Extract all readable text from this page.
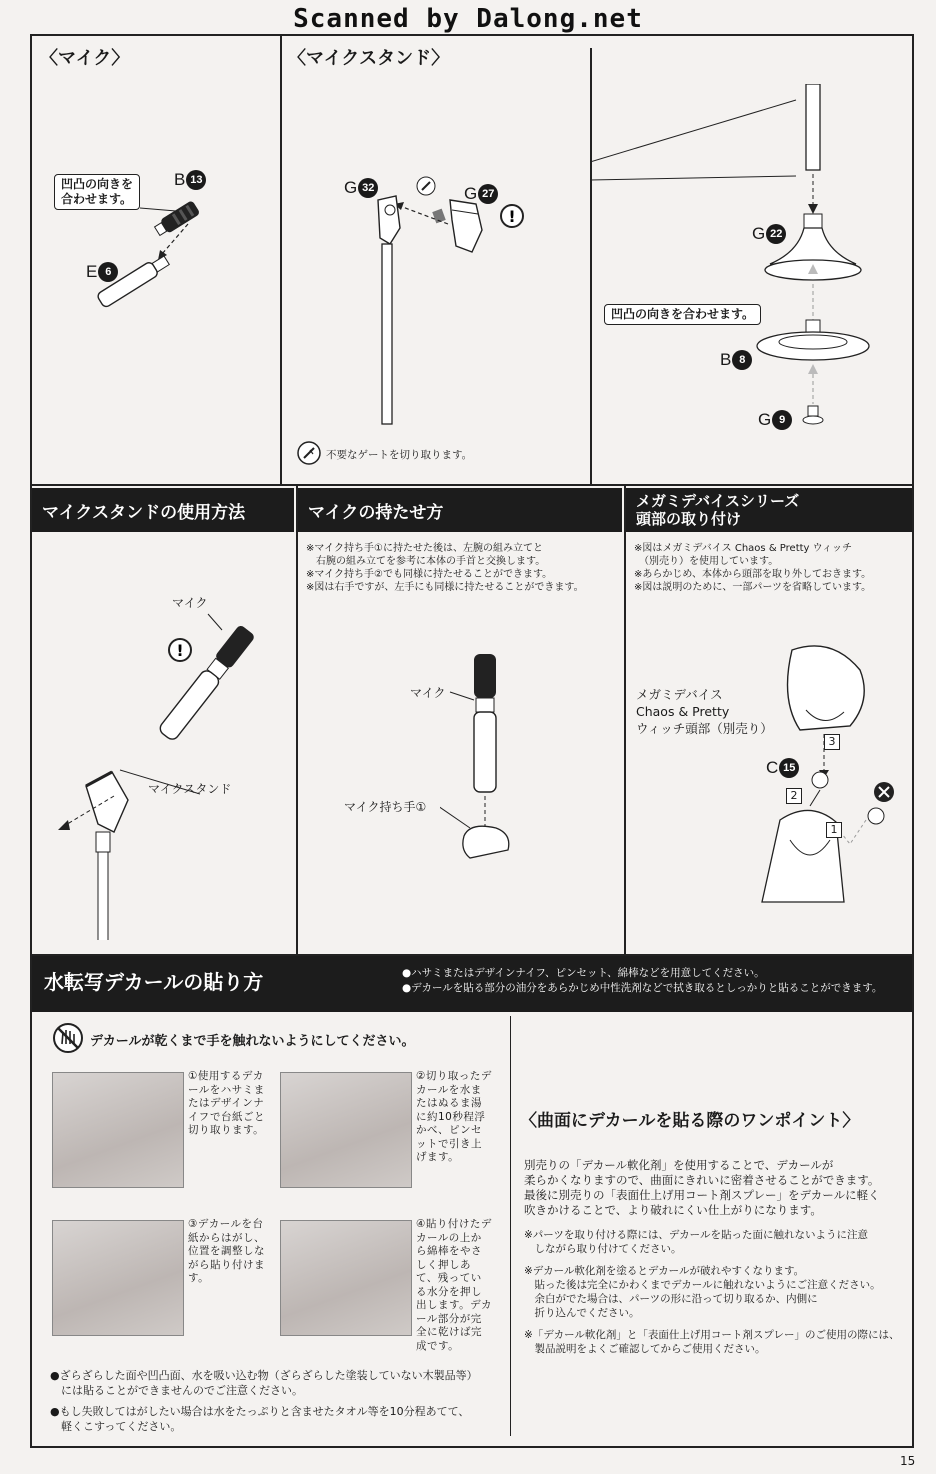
Scanned by Dalong.net
〈マイク〉
凹凸の向きを
合わせます。
B 13
E 6
〈マイクスタンド〉
G 32	G 27
!
不要なゲートを切り取ります。
G 22
凹凸の向きを合わせます。
B 8
G 9
マイクスタンドの使用方法	マイクの持たせ方
メガミデバイスシリーズ
頭部の取り付け
マイク
マイクスタンド
!
※マイク持ち手①に持たせた後は、左腕の組み立てと
　右腕の組み立てを参考に本体の手首と交換します。
※マイク持ち手②でも同様に持たせることができます。
※図は右手ですが、左手にも同様に持たせることができます。
マイク
マイク持ち手①
※図はメガミデバイス Chaos & Pretty ウィッチ
　（別売り）を使用しています。
※あらかじめ、本体から頭部を取り外しておきます。
※図は説明のために、一部パーツを省略しています。
メガミデバイス
Chaos & Pretty
ウィッチ頭部（別売り）
C 15
3
2
1
水転写デカールの貼り方	●ハサミまたはデザインナイフ、ピンセット、綿棒などを用意してください。
●デカールを貼る部分の油分をあらかじめ中性洗剤などで拭き取るとしっかりと貼ることができます。
デカールが乾くまで手を触れないようにしてください。
①使用するデカールをハサミまたはデザインナイフで台紙ごと切り取ります。
②切り取ったデカールを水またはぬるま湯に約10秒程浮かべ、ピンセットで引き上げます。
③デカールを台紙からはがし、位置を調整しながら貼り付けます。
④貼り付けたデカールの上から綿棒をやさしく押しあて、残っている水分を押し出します。デカール部分が完全に乾けば完成です。
●ざらざらした面や凹凸面、水を吸い込む物（ざらざらした塗装していない木製品等）
　には貼ることができませんのでご注意ください。
●もし失敗してはがしたい場合は水をたっぷりと含ませたタオル等を10分程あてて、
　軽くこすってください。
〈曲面にデカールを貼る際のワンポイント〉
別売りの「デカール軟化剤」を使用することで、デカールが
柔らかくなりますので、曲面にきれいに密着させることができます。
最後に別売りの「表面仕上げ用コート剤スプレー」をデカールに軽く
吹きかけることで、より破れにくい仕上がりになります。
※パーツを取り付ける際には、デカールを貼った面に触れないように注意
　しながら取り付けてください。
※デカール軟化剤を塗るとデカールが破れやすくなります。
　貼った後は完全にかわくまでデカールに触れないようにご注意ください。
　余白がでた場合は、パーツの形に沿って切り取るか、内側に
　折り込んでください。
※「デカール軟化剤」と「表面仕上げ用コート剤スプレー」のご使用の際には、
　製品説明をよくご確認してからご使用ください。
15
